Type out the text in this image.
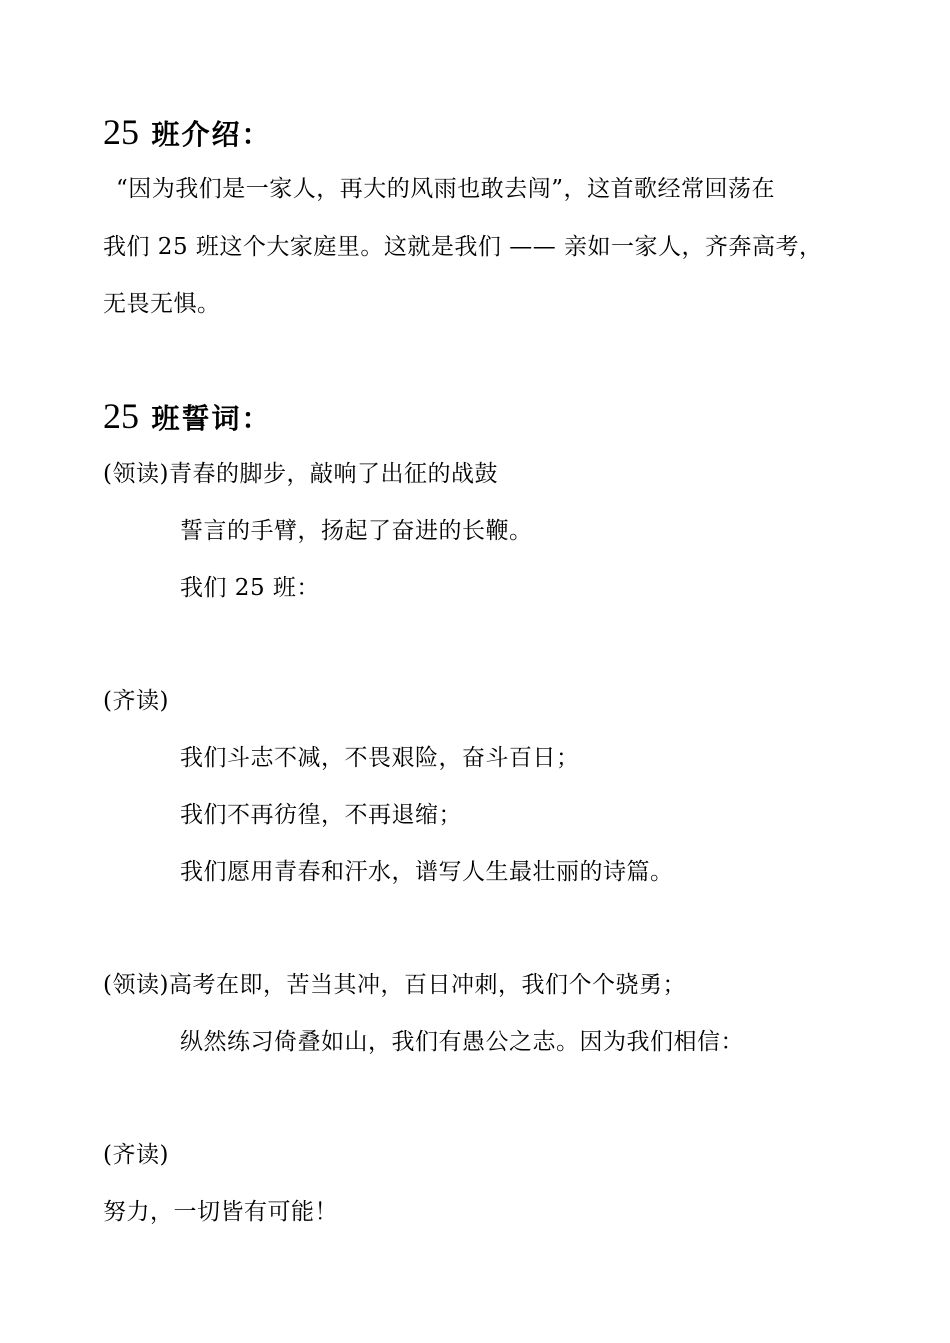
25 班介绍：
“因为我们是一家人，再大的风雨也敢去闯”，这首歌经常回荡在
我们 25 班这个大家庭里。这就是我们 —— 亲如一家人，齐奔高考，
无畏无惧。
25 班誓词：
(领读)青春的脚步，敲响了出征的战鼓
誓言的手臂，扬起了奋进的长鞭。
我们 25 班：
(齐读)
我们斗志不减，不畏艰险，奋斗百日；
我们不再彷徨，不再退缩；
我们愿用青春和汗水，谱写人生最壮丽的诗篇。
(领读)高考在即，苦当其冲，百日冲刺，我们个个骁勇；
纵然练习倚叠如山，我们有愚公之志。因为我们相信：
(齐读)
努力，一切皆有可能！
